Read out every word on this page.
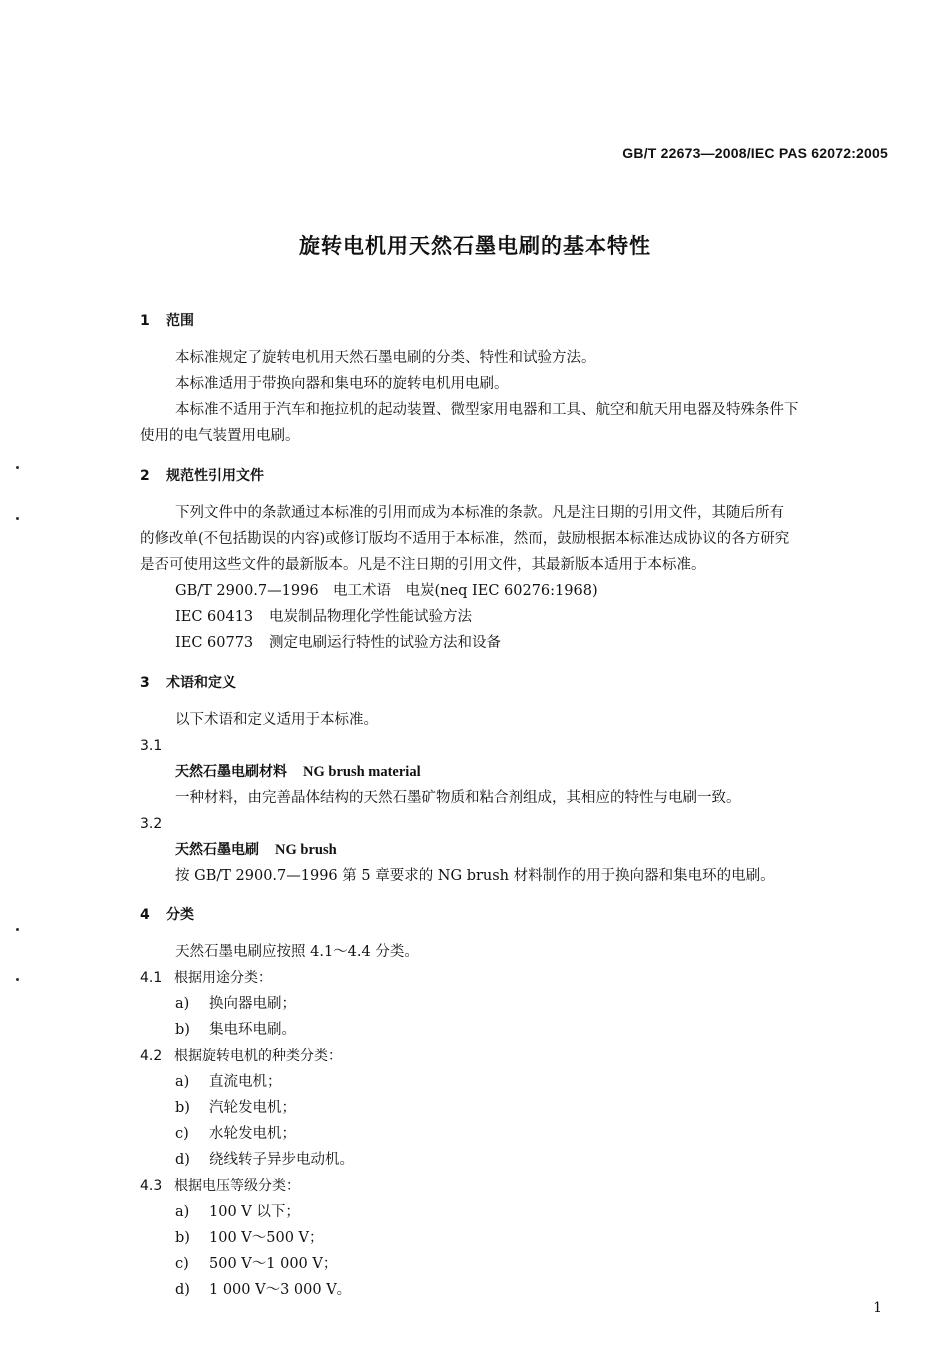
GB/T 22673—2008/IEC PAS 62072:2005
旋转电机用天然石墨电刷的基本特性
1 范围
本标准规定了旋转电机用天然石墨电刷的分类、特性和试验方法。
本标准适用于带换向器和集电环的旋转电机用电刷。
本标准不适用于汽车和拖拉机的起动装置、微型家用电器和工具、航空和航天用电器及特殊条件下
使用的电气装置用电刷。
2 规范性引用文件
下列文件中的条款通过本标准的引用而成为本标准的条款。凡是注日期的引用文件，其随后所有
的修改单(不包括勘误的内容)或修订版均不适用于本标准，然而，鼓励根据本标准达成协议的各方研究
是否可使用这些文件的最新版本。凡是不注日期的引用文件，其最新版本适用于本标准。
GB/T 2900.7—1996　 电工术语　电炭(neq IEC 60276:1968)
IEC 60413 电炭制品物理化学性能试验方法
IEC 60773 测定电刷运行特性的试验方法和设备
3 术语和定义
以下术语和定义适用于本标准。
3.1
天然石墨电刷材料 NG brush material
一种材料，由完善晶体结构的天然石墨矿物质和粘合剂组成，其相应的特性与电刷一致。
3.2
天然石墨电刷 NG brush
按 GB/T 2900.7—1996 第 5 章要求的 NG brush 材料制作的用于换向器和集电环的电刷。
4 分类
天然石墨电刷应按照 4.1～4.4 分类。
4.1 根据用途分类：
a) 换向器电刷；
b) 集电环电刷。
4.2 根据旋转电机的种类分类：
a) 直流电机；
b) 汽轮发电机；
c) 水轮发电机；
d) 绕线转子异步电动机。
4.3 根据电压等级分类：
a) 100 V 以下；
b) 100 V～500 V；
c) 500 V～1 000 V；
d) 1 000 V～3 000 V。
1
